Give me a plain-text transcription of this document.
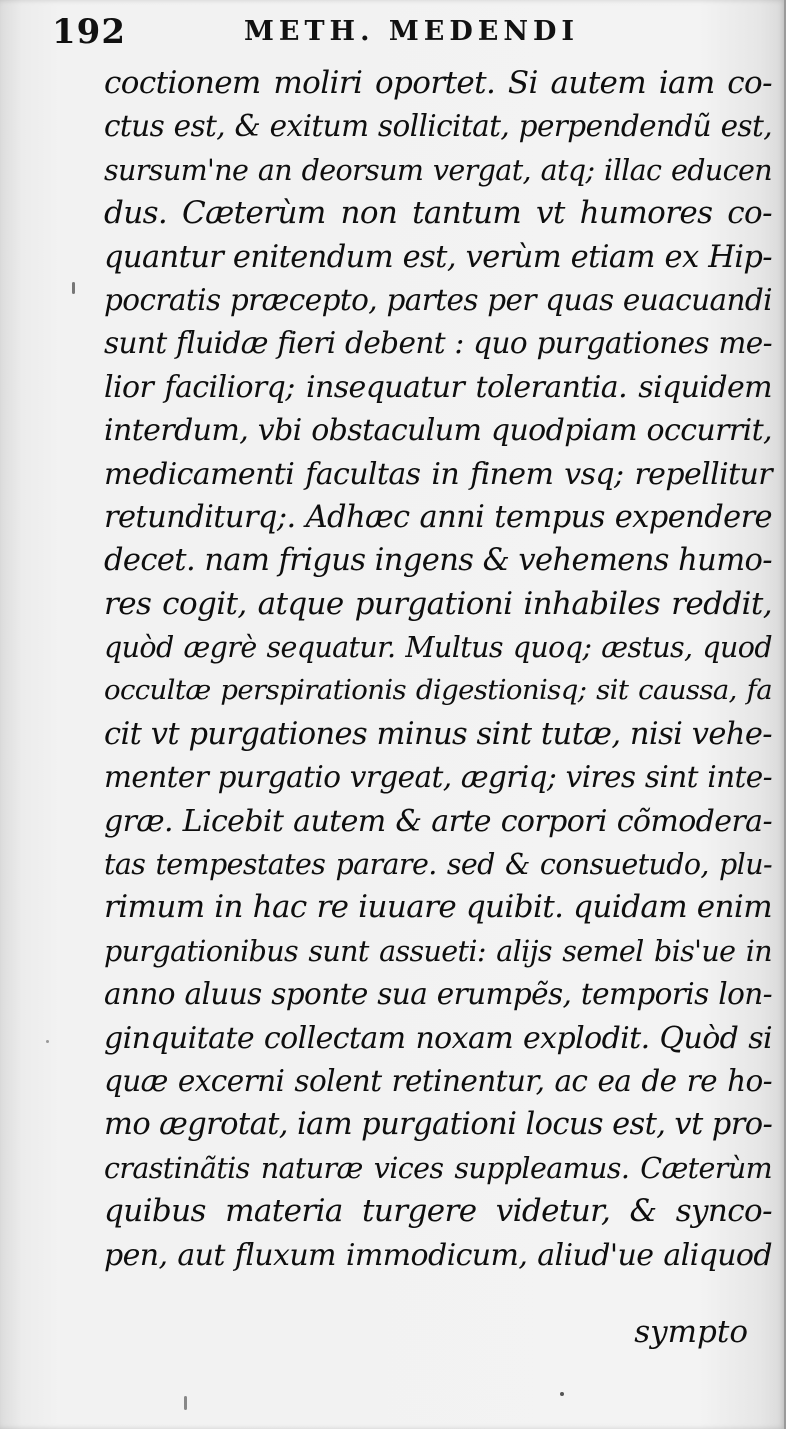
192	METH. MEDENDI
coctionem moliri oportet. Si autem iam co-
ctus est, & exitum sollicitat, perpendendũ est,
sursum'ne an deorsum vergat, atq; illac educen
dus. Cæterùm non tantum vt humores co-
quantur enitendum est, verùm etiam ex Hip-
pocratis præcepto, partes per quas euacuandi
sunt fluidæ fieri debent : quo purgationes me-
lior faciliorq; insequatur tolerantia. siquidem
interdum, vbi obstaculum quodpiam occurrit,
medicamenti facultas in finem vsq; repellitur
retunditurq;. Adhæc anni tempus expendere
decet. nam frigus ingens & vehemens humo-
res cogit, atque purgationi inhabiles reddit,
quòd ægrè sequatur. Multus quoq; æstus, quod
occultæ perspirationis digestionisq; sit caussa, fa
cit vt purgationes minus sint tutæ, nisi vehe-
menter purgatio vrgeat, ægriq; vires sint inte-
græ. Licebit autem & arte corpori cõmodera-
tas tempestates parare. sed & consuetudo, plu-
rimum in hac re iuuare quibit. quidam enim
purgationibus sunt assueti: alijs semel bis'ue in
anno aluus sponte sua erumpẽs, temporis lon-
ginquitate collectam noxam explodit. Quòd si
quæ excerni solent retinentur, ac ea de re ho-
mo ægrotat, iam purgationi locus est, vt pro-
crastinãtis naturæ vices suppleamus. Cæterùm
quibus materia turgere videtur, & synco-
pen, aut fluxum immodicum, aliud'ue aliquod
sympto
